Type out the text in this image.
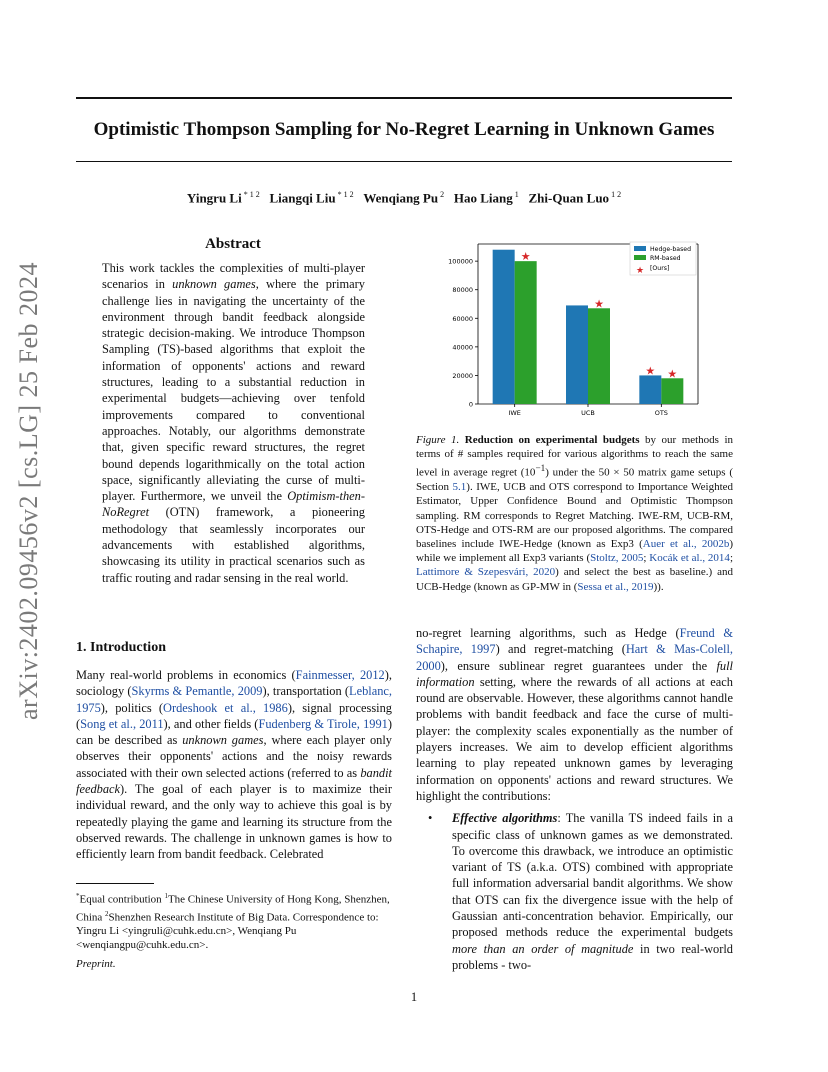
Optimistic Thompson Sampling for No-Regret Learning in Unknown Games
Yingru Li $^{* 1 2}$ Liangqi Liu $^{* 1 2}$ Wenqiang Pu $^2$ Hao Liang $^1$ Zhi-Quan Luo $^{1 2}$
arXiv:2402.09456v2 [cs.LG] 25 Feb 2024
Abstract
This work tackles the complexities of multi-player scenarios in unknown games, where the primary challenge lies in navigating the uncertainty of the environment through bandit feedback alongside strategic decision-making. We introduce Thompson Sampling (TS)-based algorithms that exploit the information of opponents' actions and reward structures, leading to a substantial reduction in experimental budgets—achieving over tenfold improvements compared to conventional approaches. Notably, our algorithms demonstrate that, given specific reward structures, the regret bound depends logarithmically on the total action space, significantly alleviating the curse of multi-player. Furthermore, we unveil the Optimism-then-NoRegret (OTN) framework, a pioneering methodology that seamlessly incorporates our advancements with established algorithms, showcasing its utility in practical scenarios such as traffic routing and radar sensing in the real world.
1. Introduction
Many real-world problems in economics (Fainmesser, 2012), sociology (Skyrms & Pemantle, 2009), transportation (Leblanc, 1975), politics (Ordeshook et al., 1986), signal processing (Song et al., 2011), and other fields (Fudenberg & Tirole, 1991) can be described as unknown games, where each player only observes their opponents' actions and the noisy rewards associated with their own selected actions (referred to as bandit feedback). The goal of each player is to maximize their individual reward, and the only way to achieve this goal is by repeatedly playing the game and learning its structure from the observed rewards. The challenge in unknown games is how to efficiently learn from bandit feedback. Celebrated
*Equal contribution $^1$The Chinese University of Hong Kong, Shenzhen, China $^2$Shenzhen Research Institute of Big Data. Correspondence to: Yingru Li <yingruli@cuhk.edu.cn>, Wenqiang Pu <wenqiangpu@cuhk.edu.cn>.
Preprint.
0
20000
40000
60000
80000
100000	★
IWE
★
UCB
★ ★
OTS
Hedge-based
RM-based
★ [Ours]
Figure 1. Reduction on experimental budgets by our methods in terms of # samples required for various algorithms to reach the same level in average regret $(10^{-1})$ under the 50 × 50 matrix game setups ( Section 5.1). IWE, UCB and OTS correspond to Importance Weighted Estimator, Upper Confidence Bound and Optimistic Thompson sampling. RM corresponds to Regret Matching. IWE-RM, UCB-RM, OTS-Hedge and OTS-RM are our proposed algorithms. The compared baselines include IWE-Hedge (known as Exp3 (Auer et al., 2002b) while we implement all Exp3 variants (Stoltz, 2005; Kocák et al., 2014; Lattimore & Szepesvári, 2020) and select the best as baseline.) and UCB-Hedge (known as GP-MW in (Sessa et al., 2019)).
no-regret learning algorithms, such as Hedge (Freund & Schapire, 1997) and regret-matching (Hart & Mas-Colell, 2000), ensure sublinear regret guarantees under the full information setting, where the rewards of all actions at each round are observable. However, these algorithms cannot handle problems with bandit feedback and face the curse of multi-player: the complexity scales exponentially as the number of players increases. We aim to develop efficient algorithms learning to play repeated unknown games by leveraging information on opponents' actions and reward structures. We highlight the contributions:
•	Effective algorithms: The vanilla TS indeed fails in a specific class of unknown games as we demonstrated. To overcome this drawback, we introduce an optimistic variant of TS (a.k.a. OTS) combined with appropriate full information adversarial bandit algorithms. We show that OTS can fix the divergence issue with the help of Gaussian anti-concentration behavior. Empirically, our proposed methods reduce the experimental budgets more than an order of magnitude in two real-world problems - two-
1
